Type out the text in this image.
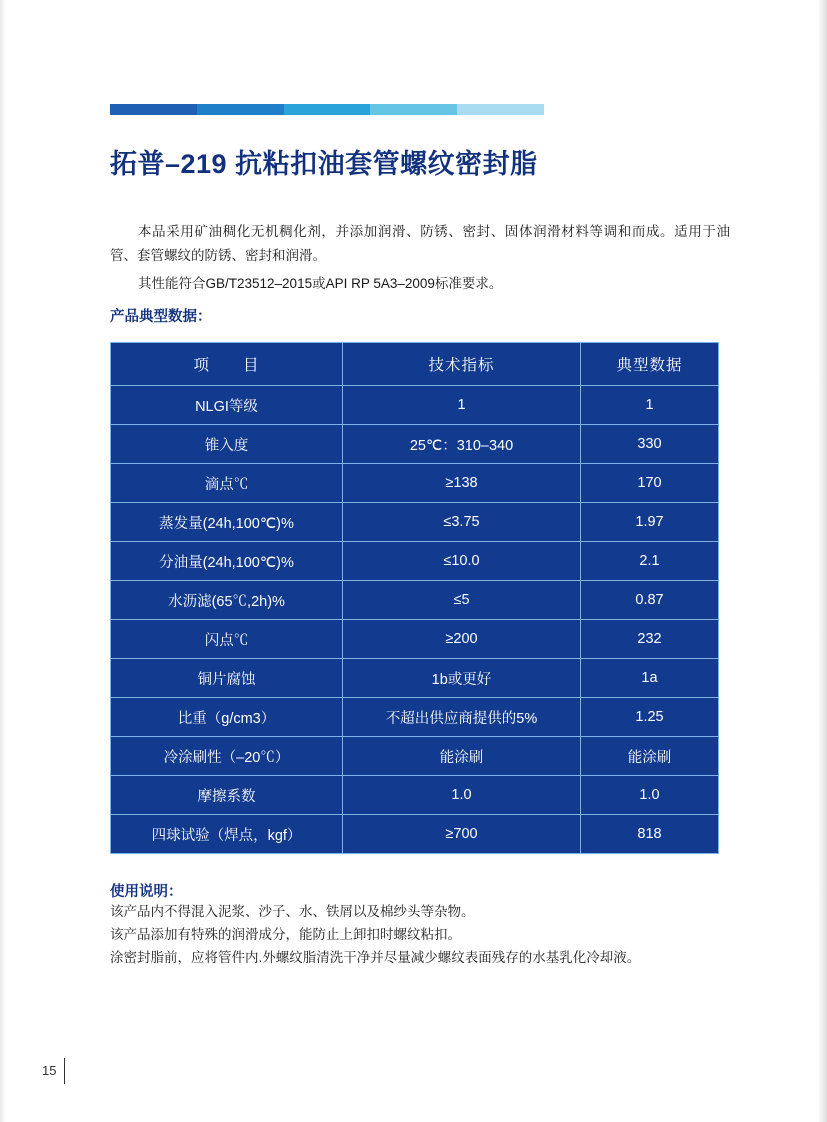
拓普–219 抗粘扣油套管螺纹密封脂
本品采用矿油稠化无机稠化剂，并添加润滑、防锈、密封、固体润滑材料等调和而成。适用于油管、套管螺纹的防锈、密封和润滑。
其性能符合GB/T23512–2015或API RP 5A3–2009标准要求。
产品典型数据：
项　　目	技术指标	典型数据
NLGI等级	1	1
锥入度	25℃：310–340	330
滴点℃	≥138	170
蒸发量(24h,100℃)%	≤3.75	1.97
分油量(24h,100℃)%	≤10.0	2.1
水沥滤(65℃,2h)%	≤5	0.87
闪点℃	≥200	232
铜片腐蚀	1b或更好	1a
比重（g/cm3）	不超出供应商提供的5%	1.25
冷涂刷性（–20℃）	能涂刷	能涂刷
摩擦系数	1.0	1.0
四球试验（焊点，kgf）	≥700	818
使用说明：
该产品内不得混入泥浆、沙子、水、铁屑以及棉纱头等杂物。
该产品添加有特殊的润滑成分，能防止上卸扣时螺纹粘扣。
涂密封脂前，应将管件内.外螺纹脂清洗干净并尽量减少螺纹表面残存的水基乳化冷却液。
15
